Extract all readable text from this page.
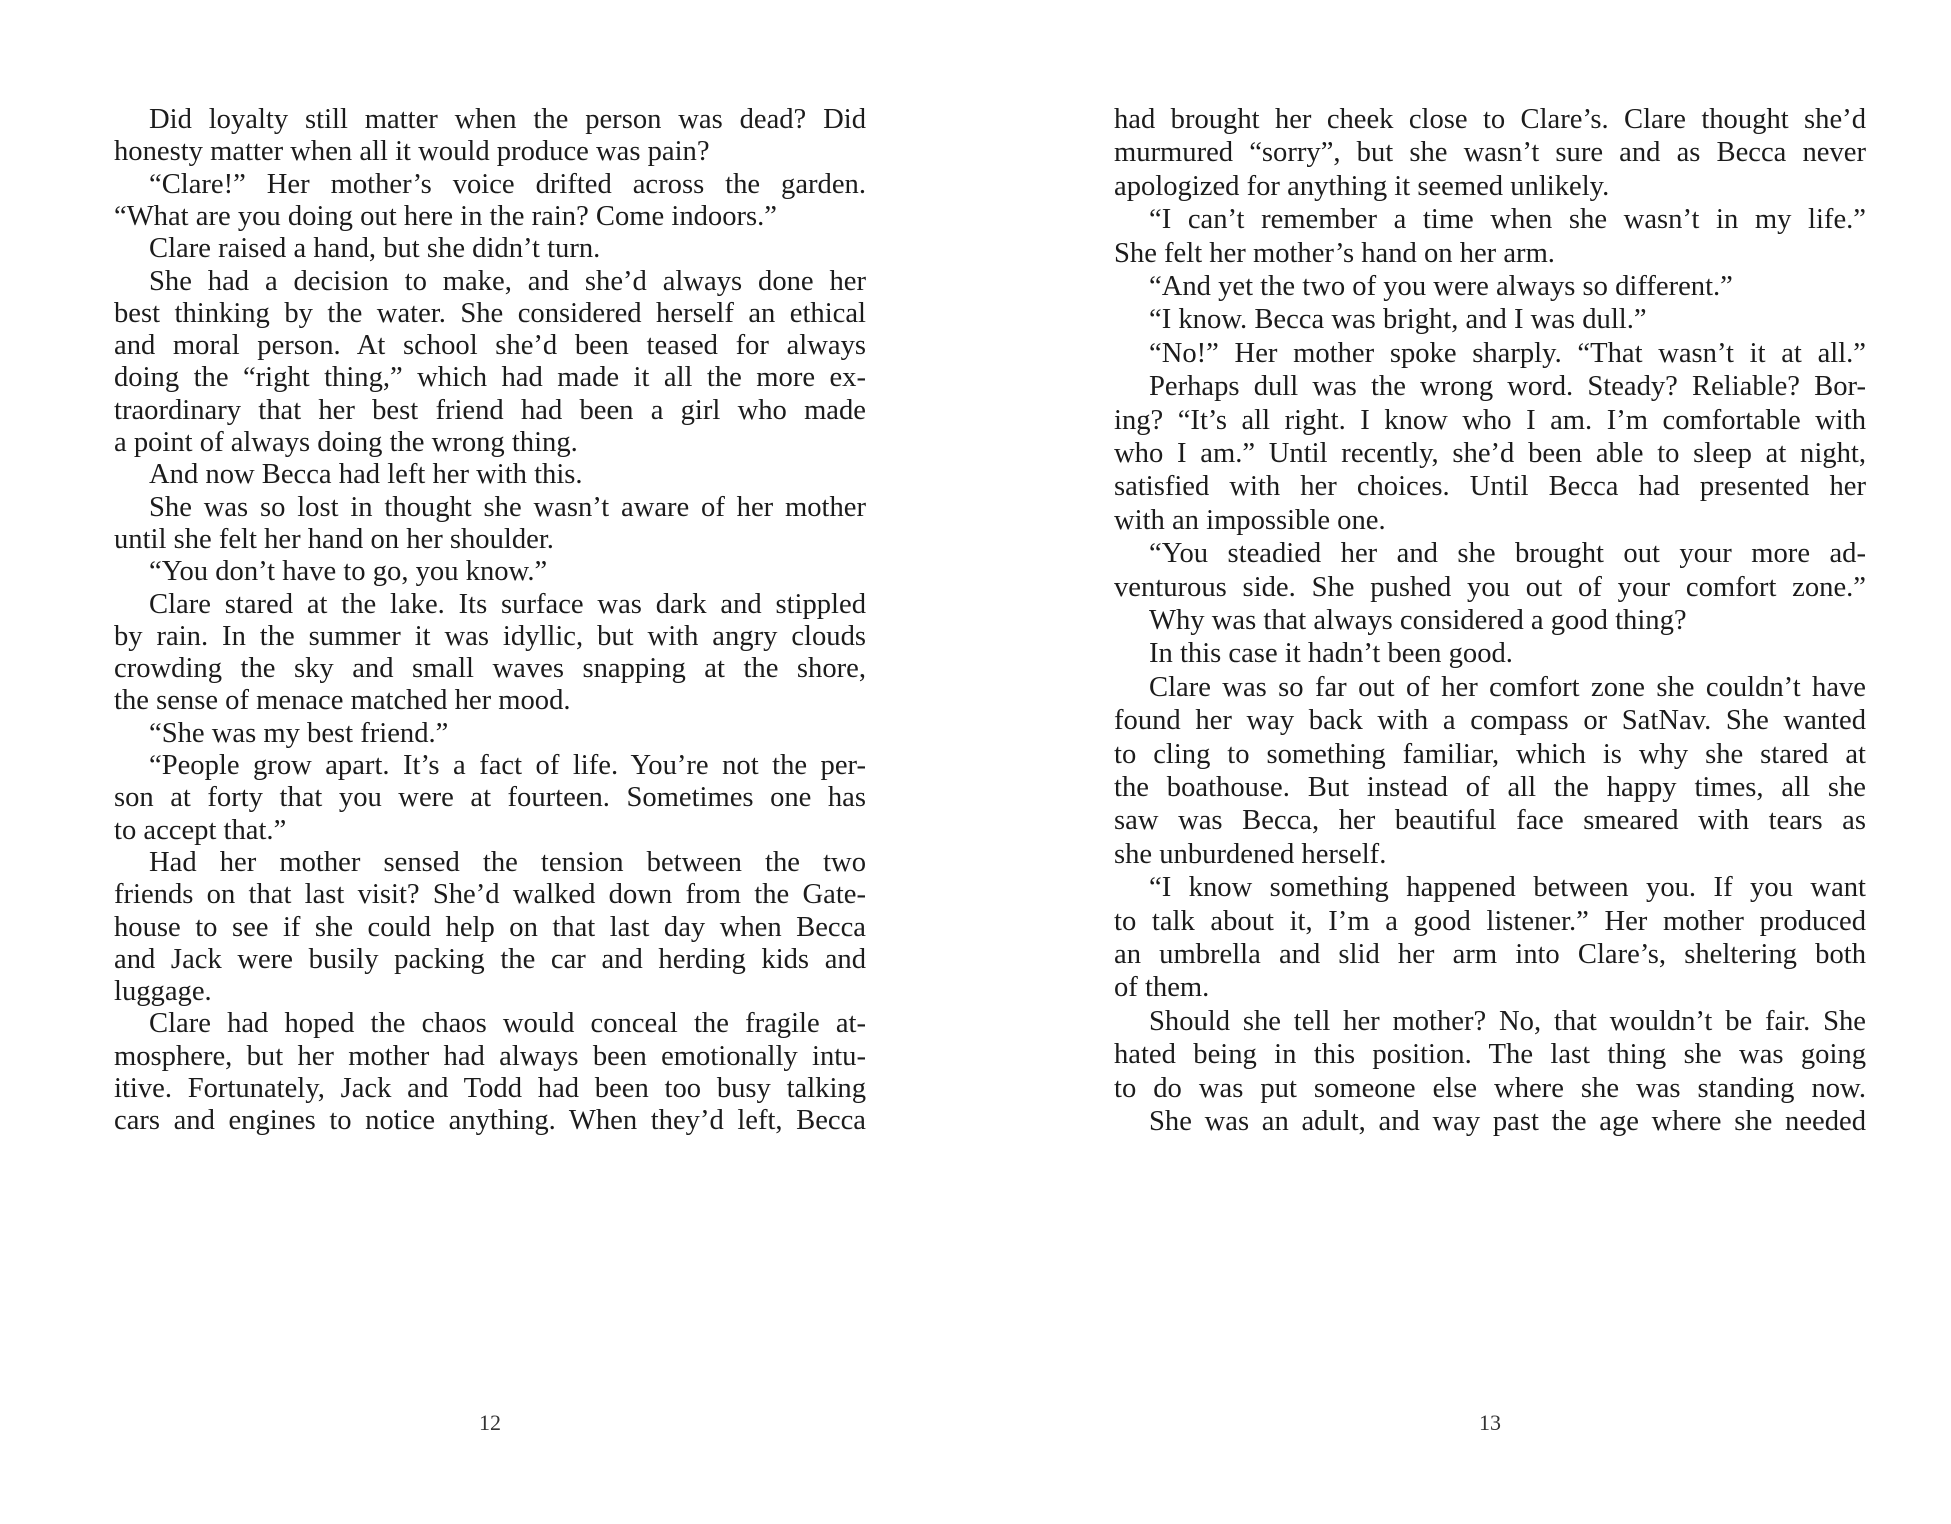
Did loyalty still matter when the person was dead? Did
honesty matter when all it would produce was pain?
“Clare!” Her mother’s voice drifted across the garden.
“What are you doing out here in the rain? Come indoors.”
Clare raised a hand, but she didn’t turn.
She had a decision to make, and she’d always done her
best thinking by the water. She considered herself an ethical
and moral person. At school she’d been teased for always
doing the “right thing,” which had made it all the more ex-
traordinary that her best friend had been a girl who made
a point of always doing the wrong thing.
And now Becca had left her with this.
She was so lost in thought she wasn’t aware of her mother
until she felt her hand on her shoulder.
“You don’t have to go, you know.”
Clare stared at the lake. Its surface was dark and stippled
by rain. In the summer it was idyllic, but with angry clouds
crowding the sky and small waves snapping at the shore,
the sense of menace matched her mood.
“She was my best friend.”
“People grow apart. It’s a fact of life. You’re not the per-
son at forty that you were at fourteen. Sometimes one has
to accept that.”
Had her mother sensed the tension between the two
friends on that last visit? She’d walked down from the Gate-
house to see if she could help on that last day when Becca
and Jack were busily packing the car and herding kids and
luggage.
Clare had hoped the chaos would conceal the fragile at-
mosphere, but her mother had always been emotionally intu-
itive. Fortunately, Jack and Todd had been too busy talking
cars and engines to notice anything. When they’d left, Becca
12
had brought her cheek close to Clare’s. Clare thought she’d
murmured “sorry”, but she wasn’t sure and as Becca never
apologized for anything it seemed unlikely.
“I can’t remember a time when she wasn’t in my life.”
She felt her mother’s hand on her arm.
“And yet the two of you were always so different.”
“I know. Becca was bright, and I was dull.”
“No!” Her mother spoke sharply. “That wasn’t it at all.”
Perhaps dull was the wrong word. Steady? Reliable? Bor-
ing? “It’s all right. I know who I am. I’m comfortable with
who I am.” Until recently, she’d been able to sleep at night,
satisfied with her choices. Until Becca had presented her
with an impossible one.
“You steadied her and she brought out your more ad-
venturous side. She pushed you out of your comfort zone.”
Why was that always considered a good thing?
In this case it hadn’t been good.
Clare was so far out of her comfort zone she couldn’t have
found her way back with a compass or SatNav. She wanted
to cling to something familiar, which is why she stared at
the boathouse. But instead of all the happy times, all she
saw was Becca, her beautiful face smeared with tears as
she unburdened herself.
“I know something happened between you. If you want
to talk about it, I’m a good listener.” Her mother produced
an umbrella and slid her arm into Clare’s, sheltering both
of them.
Should she tell her mother? No, that wouldn’t be fair. She
hated being in this position. The last thing she was going
to do was put someone else where she was standing now.
She was an adult, and way past the age where she needed
13
